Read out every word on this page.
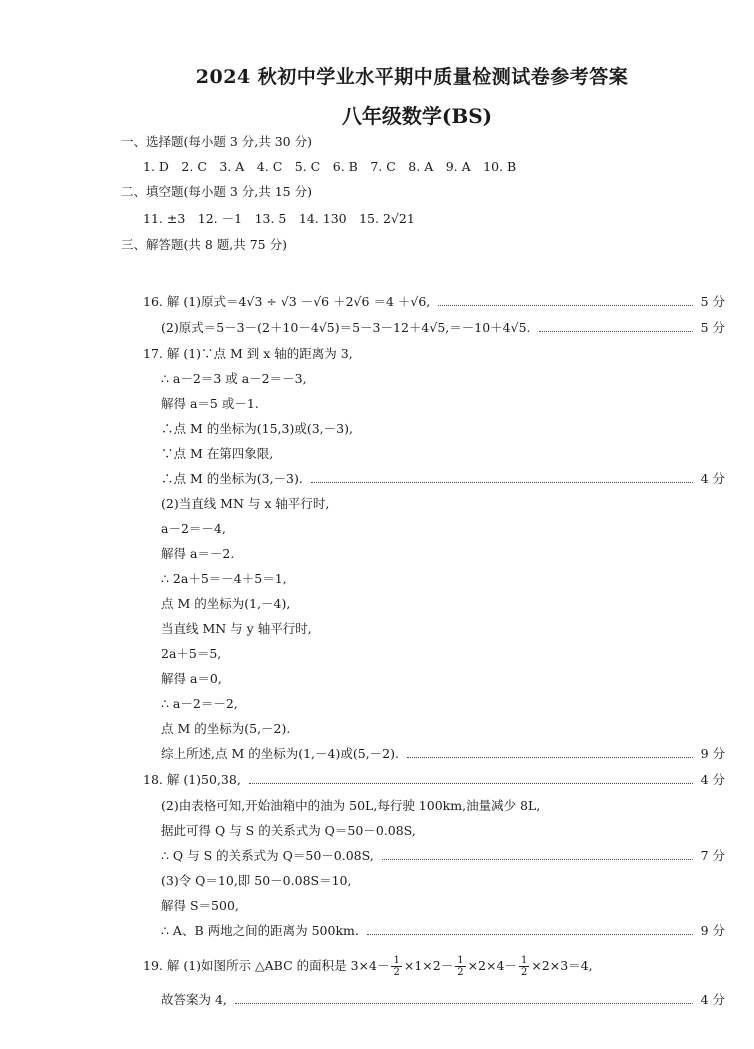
2024 秋初中学业水平期中质量检测试卷参考答案
八年级数学(BS)
一、选择题(每小题 3 分,共 30 分)
1. D　2. C　3. A　4. C　5. C　6. B　7. C　8. A　9. A　10. B
二、填空题(每小题 3 分,共 15 分)
11. ±3　12. －1　13. 5　14. 130　15. 2√21
三、解答题(共 8 题,共 75 分)
16. 解 (1)原式＝4√3 ÷ √3 －√6 ＋2√6 ＝4 ＋√6,	5 分
(2)原式＝5－3－(2＋10－4√5)＝5－3－12＋4√5,＝－10＋4√5.	5 分
17. 解 (1)∵点 M 到 x 轴的距离为 3,
∴ a－2＝3 或 a－2＝－3,
解得 a＝5 或－1.
∴点 M 的坐标为(15,3)或(3,－3),
∵点 M 在第四象限,
∴点 M 的坐标为(3,－3).	4 分
(2)当直线 MN 与 x 轴平行时,
a－2＝－4,
解得 a＝－2.
∴ 2a＋5＝－4＋5＝1,
点 M 的坐标为(1,－4),
当直线 MN 与 y 轴平行时,
2a＋5＝5,
解得 a＝0,
∴ a－2＝－2,
点 M 的坐标为(5,－2).
综上所述,点 M 的坐标为(1,－4)或(5,－2).	9 分
18. 解 (1)50,38,	4 分
(2)由表格可知,开始油箱中的油为 50L,每行驶 100km,油量减少 8L,
据此可得 Q 与 S 的关系式为 Q＝50－0.08S,
∴ Q 与 S 的关系式为 Q＝50－0.08S,	7 分
(3)令 Q＝10,即 50－0.08S＝10,
解得 S＝500,
∴ A、B 两地之间的距离为 500km.	9 分
19. 解 (1)如图所示 △ABC 的面积是 $3\times 4- \frac{1}{2} \times 1\times 2- \frac{1}{2} \times 2\times 4- \frac{1}{2} \times 2\times 3=4$,
故答案为 4,	4 分
